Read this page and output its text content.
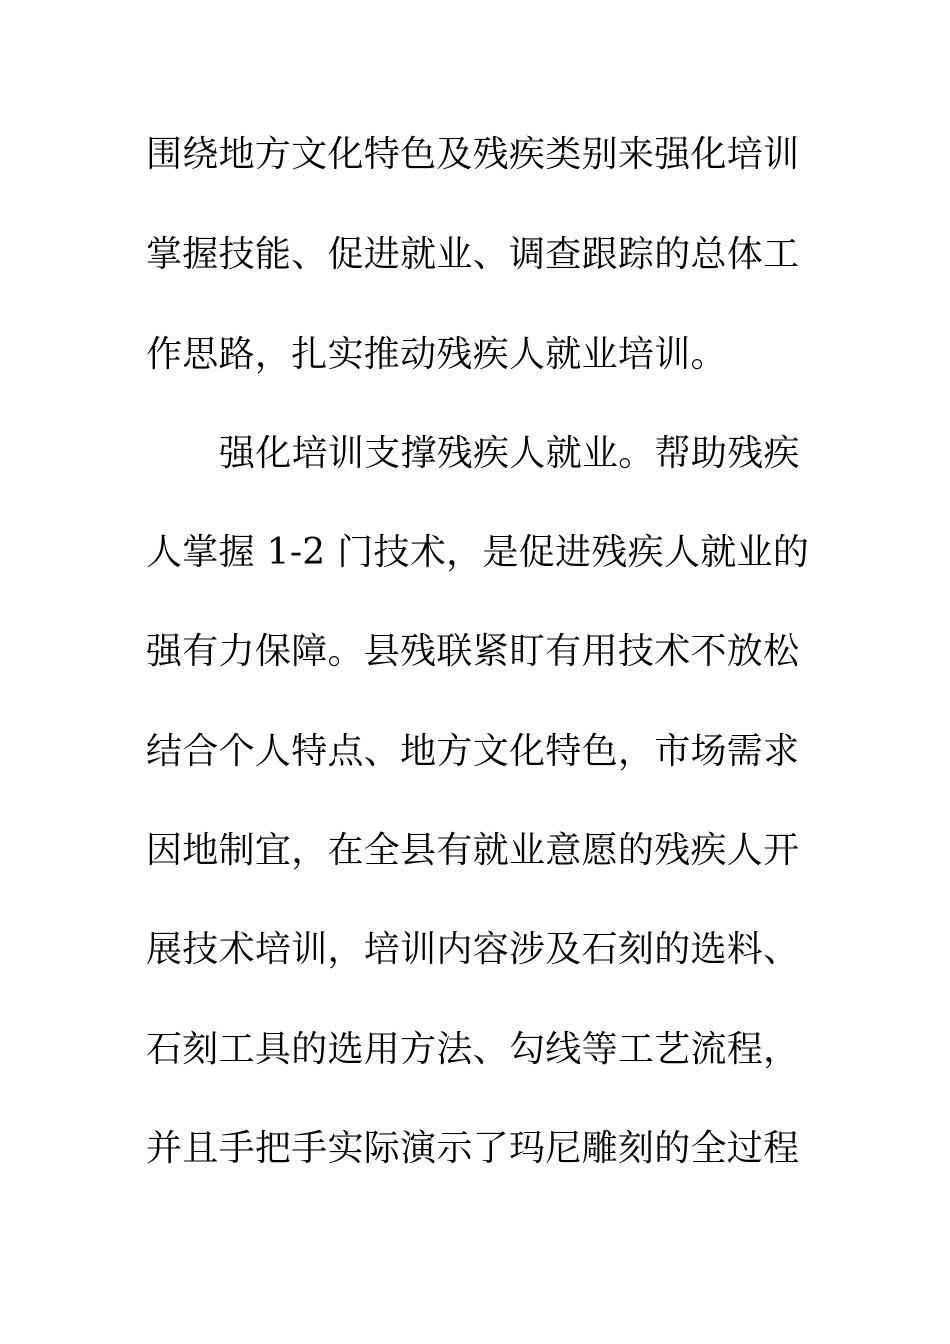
围绕地方文化特色及残疾类别来强化培训
掌握技能、促进就业、调查跟踪的总体工
作思路，扎实推动残疾人就业培训。
强化培训支撑残疾人就业。帮助残疾
人掌握 1-2 门技术，是促进残疾人就业的
强有力保障。县残联紧盯有用技术不放松
结合个人特点、地方文化特色，市场需求
因地制宜，在全县有就业意愿的残疾人开
展技术培训，培训内容涉及石刻的选料、
石刻工具的选用方法、勾线等工艺流程，
并且手把手实际演示了玛尼雕刻的全过程
